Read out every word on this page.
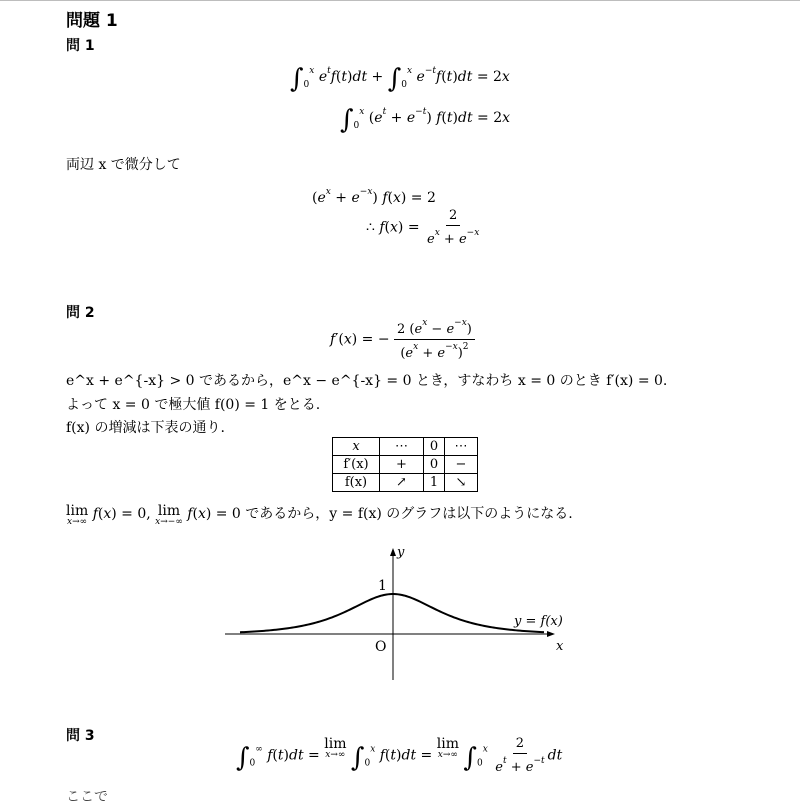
問題 1
問 1
$\int_0^x$ $e^tf(t)dt + \int_0^x$ $e^{-t}f(t)dt = 2x$
$\int_0^x$ $(e^t + e^{-t}) f(t)dt = 2x$
両辺 x で微分して
$(e^x + e^{-x}) f(x) = 2$
∴ $f(x) = \frac{2}{e^x + e^{-x}}$
問 2
f′(x) = − $\frac{2 (e^x - e^{-x})}{(e^x + e^{-x})^2}$
e^x + e^{-x} > 0 であるから，e^x − e^{-x} = 0 とき，すなわち x = 0 のとき f′(x) = 0.
よって x = 0 で極大値 f(0) = 1 をとる.
f(x) の増減は下表の通り.
x	⋯	0	⋯
f′(x)	+	0	−
f(x)	↗	1	↘
lim
x→∞ f(x) = 0, lim
x→−∞ f(x) = 0 であるから，y = f(x) のグラフは以下のようになる.
y
x
O
1
y = f(x)
問 3
$\int_0^\infty$ f(t)dt =
lim
x→∞ $\int_0^x$ f(t)dt =
lim
x→∞ $\int_0^x \frac{2}{e^t + e^{-t}}$ dt
ここで
